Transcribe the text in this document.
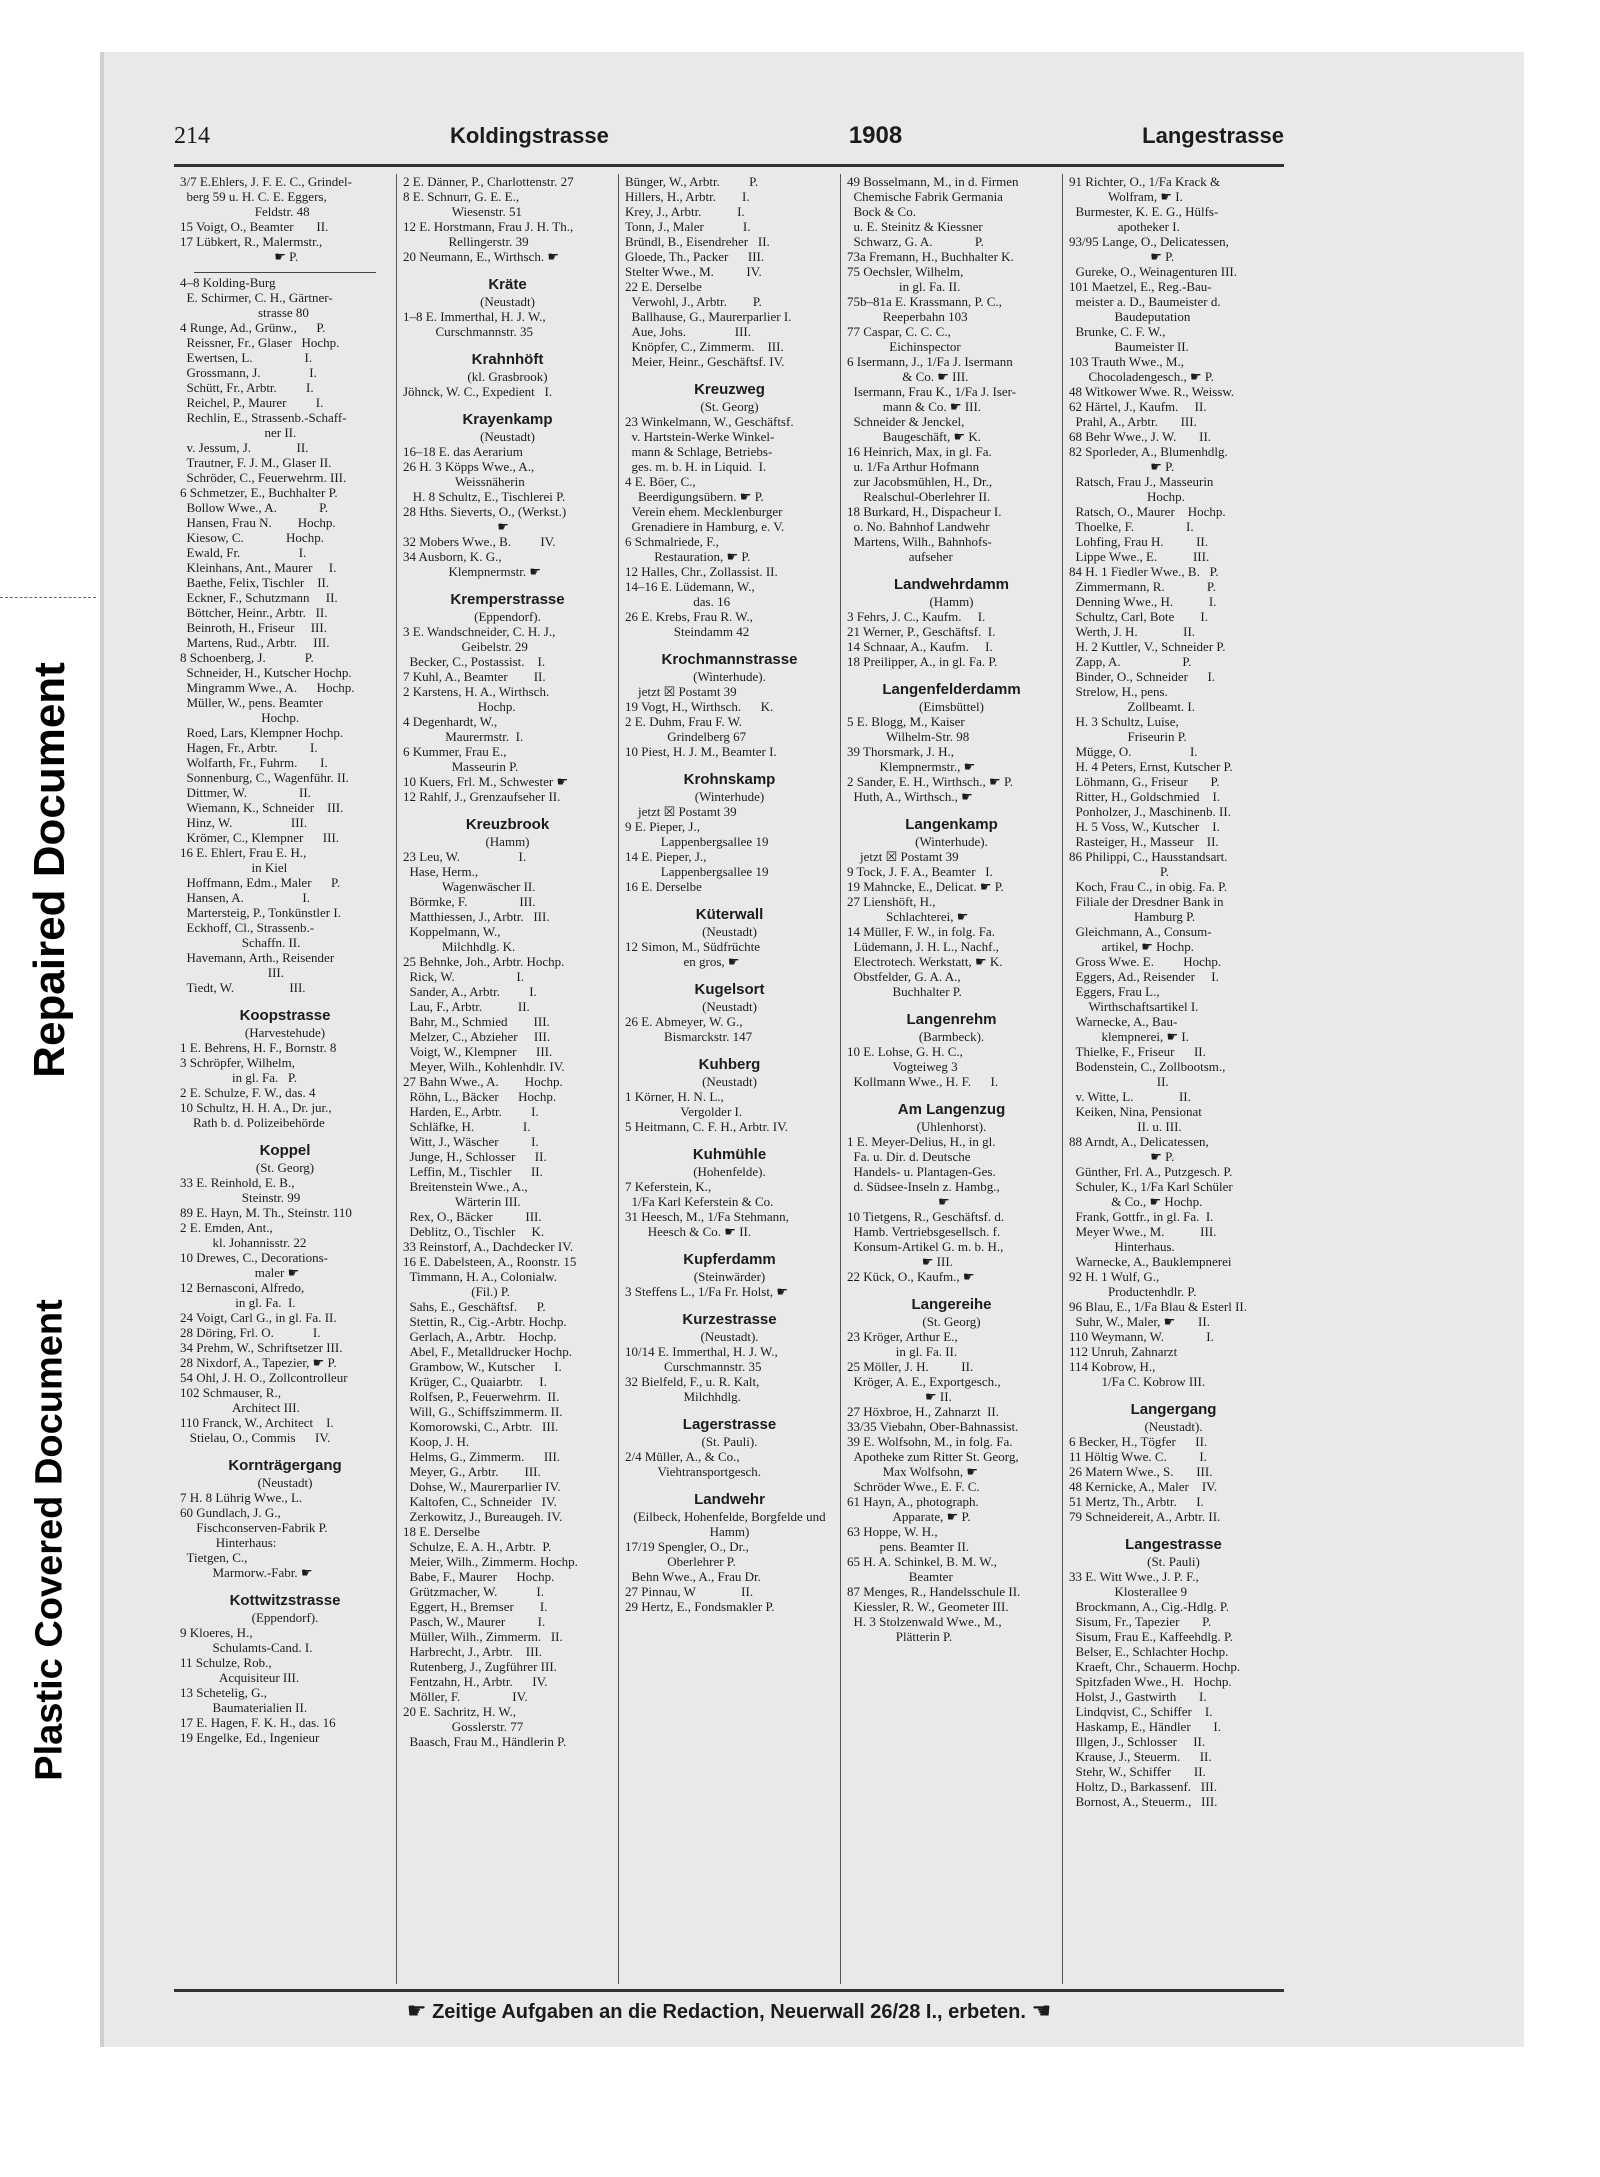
Repaired Document
Plastic Covered Document
214	Koldingstrasse	1908	Langestrasse
3/7 E.Ehlers, J. F. E. C., Grindel-
berg 59 u. H. C. E. Eggers,
Feldstr. 48
15 Voigt, O., Beamter       II.
17 Lübkert, R., Malermstr.,
☛ P.
4–8 Kolding-Burg
E. Schirmer, C. H., Gärtner-
strasse 80
4 Runge, Ad., Grünw.,      P.
Reissner, Fr., Glaser   Hochp.
Ewertsen, L.                I.
Grossmann, J.               I.
Schütt, Fr., Arbtr.         I.
Reichel, P., Maurer         I.
Rechlin, E., Strassenb.-Schaff-
ner II.
v. Jessum, J.              II.
Trautner, F. J. M., Glaser II.
Schröder, C., Feuerwehrm. III.
6 Schmetzer, E., Buchhalter P.
Bollow Wwe., A.             P.
Hansen, Frau N.        Hochp.
Kiesow, C.             Hochp.
Ewald, Fr.                  I.
Kleinhans, Ant., Maurer     I.
Baethe, Felix, Tischler    II.
Eckner, F., Schutzmann     II.
Böttcher, Heinr., Arbtr.   II.
Beinroth, H., Friseur     III.
Martens, Rud., Arbtr.     III.
8 Schoenberg, J.            P.
Schneider, H., Kutscher Hochp.
Mingramm Wwe., A.      Hochp.
Müller, W., pens. Beamter
Hochp.
Roed, Lars, Klempner Hochp.
Hagen, Fr., Arbtr.          I.
Wolfarth, Fr., Fuhrm.       I.
Sonnenburg, C., Wagenführ. II.
Dittmer, W.                II.
Wiemann, K., Schneider    III.
Hinz, W.                  III.
Krömer, C., Klempner      III.
16 E. Ehlert, Frau E. H.,
in Kiel
Hoffmann, Edm., Maler      P.
Hansen, A.                  I.
Martersteig, P., Tonkünstler I.
Eckhoff, Cl., Strassenb.-
Schaffn. II.
Havemann, Arth., Reisender
III.
Tiedt, W.                 III.
Koopstrasse
(Harvestehude)
1 E. Behrens, H. F., Bornstr. 8
3 Schröpfer, Wilhelm,
in gl. Fa.   P.
2 E. Schulze, F. W., das. 4
10 Schultz, H. H. A., Dr. jur.,
Rath b. d. Polizeibehörde
Koppel
(St. Georg)
33 E. Reinhold, E. B.,
Steinstr. 99
89 E. Hayn, M. Th., Steinstr. 110
2 E. Emden, Ant.,
kl. Johannisstr. 22
10 Drewes, C., Decorations-
maler ☛
12 Bernasconi, Alfredo,
in gl. Fa.  I.
24 Voigt, Carl G., in gl. Fa. II.
28 Döring, Frl. O.            I.
34 Prehm, W., Schriftsetzer III.
28 Nixdorf, A., Tapezier, ☛ P.
54 Ohl, J. H. O., Zollcontrolleur
102 Schmauser, R.,
Architect III.
110 Franck, W., Architect    I.
Stielau, O., Commis      IV.
Kornträgergang
(Neustadt)
7 H. 8 Lührig Wwe., L.
60 Gundlach, J. G.,
Fischconserven-Fabrik P.
Hinterhaus:
Tietgen, C.,
Marmorw.-Fabr. ☛
Kottwitzstrasse
(Eppendorf).
9 Kloeres, H.,
Schulamts-Cand. I.
11 Schulze, Rob.,
Acquisiteur III.
13 Schetelig, G.,
Baumaterialien II.
17 E. Hagen, F. K. H., das. 16
19 Engelke, Ed., Ingenieur
2 E. Dänner, P., Charlottenstr. 27
8 E. Schnurr, G. E. E.,
Wiesenstr. 51
12 E. Horstmann, Frau J. H. Th.,
Rellingerstr. 39
20 Neumann, E., Wirthsch. ☛
Kräte
(Neustadt)
1–8 E. Immerthal, H. J. W.,
Curschmannstr. 35
Krahnhöft
(kl. Grasbrook)
Jöhnck, W. C., Expedient   I.
Krayenkamp
(Neustadt)
16–18 E. das Aerarium
26 H. 3 Köpps Wwe., A.,
Weissnäherin
H. 8 Schultz, E., Tischlerei P.
28 Hths. Sieverts, O., (Werkst.)
☛
32 Mobers Wwe., B.         IV.
34 Ausborn, K. G.,
Klempnermstr. ☛
Kremperstrasse
(Eppendorf).
3 E. Wandschneider, C. H. J.,
Geibelstr. 29
Becker, C., Postassist.    I.
7 Kuhl, A., Beamter        II.
2 Karstens, H. A., Wirthsch.
Hochp.
4 Degenhardt, W.,
Maurermstr.  I.
6 Kummer, Frau E.,
Masseurin P.
10 Kuers, Frl. M., Schwester ☛
12 Rahlf, J., Grenzaufseher II.
Kreuzbrook
(Hamm)
23 Leu, W.                  I.
Hase, Herm.,
Wagenwäscher II.
Börmke, F.                III.
Matthiessen, J., Arbtr.   III.
Koppelmann, W.,
Milchhdlg. K.
25 Behnke, Joh., Arbtr. Hochp.
Rick, W.                   I.
Sander, A., Arbtr.         I.
Lau, F., Arbtr.           II.
Bahr, M., Schmied        III.
Melzer, C., Abzieher     III.
Voigt, W., Klempner      III.
Meyer, Wilh., Kohlenhdlr. IV.
27 Bahn Wwe., A.        Hochp.
Röhn, L., Bäcker      Hochp.
Harden, E., Arbtr.         I.
Schläfke, H.               I.
Witt, J., Wäscher          I.
Junge, H., Schlosser      II.
Leffin, M., Tischler      II.
Breitenstein Wwe., A.,
Wärterin III.
Rex, O., Bäcker          III.
Deblitz, O., Tischler     K.
33 Reinstorf, A., Dachdecker IV.
16 E. Dabelsteen, A., Roonstr. 15
Timmann, H. A., Colonialw.
(Fil.) P.
Sahs, E., Geschäftsf.      P.
Stettin, R., Cig.-Arbtr. Hochp.
Gerlach, A., Arbtr.    Hochp.
Abel, F., Metalldrucker Hochp.
Grambow, W., Kutscher      I.
Krüger, C., Quaiarbtr.     I.
Rolfsen, P., Feuerwehrm.  II.
Will, G., Schiffszimmerm. II.
Komorowski, C., Arbtr.   III.
Koop, J. H.
Helms, G., Zimmerm.      III.
Meyer, G., Arbtr.        III.
Dohse, W., Maurerparlier IV.
Kaltofen, C., Schneider   IV.
Zerkowitz, J., Bureaugeh. IV.
18 E. Derselbe
Schulze, E. A. H., Arbtr.  P.
Meier, Wilh., Zimmerm. Hochp.
Babe, F., Maurer      Hochp.
Grützmacher, W.            I.
Eggert, H., Bremser        I.
Pasch, W., Maurer          I.
Müller, Wilh., Zimmerm.   II.
Harbrecht, J., Arbtr.    III.
Rutenberg, J., Zugführer III.
Fentzahn, H., Arbtr.      IV.
Möller, F.                IV.
20 E. Sachritz, H. W.,
Gosslerstr. 77
Baasch, Frau M., Händlerin P.
Bünger, W., Arbtr.         P.
Hillers, H., Arbtr.        I.
Krey, J., Arbtr.           I.
Tonn, J., Maler            I.
Bründl, B., Eisendreher   II.
Gloede, Th., Packer      III.
Stelter Wwe., M.          IV.
22 E. Derselbe
Verwohl, J., Arbtr.        P.
Ballhause, G., Maurerparlier I.
Aue, Johs.               III.
Knöpfer, C., Zimmerm.    III.
Meier, Heinr., Geschäftsf. IV.
Kreuzweg
(St. Georg)
23 Winkelmann, W., Geschäftsf.
v. Hartstein-Werke Winkel-
mann & Schlage, Betriebs-
ges. m. b. H. in Liquid.  I.
4 E. Böer, C.,
Beerdigungsübern. ☛ P.
Verein ehem. Mecklenburger
Grenadiere in Hamburg, e. V.
6 Schmalriede, F.,
Restauration, ☛ P.
12 Halles, Chr., Zollassist. II.
14–16 E. Lüdemann, W.,
das. 16
26 E. Krebs, Frau R. W.,
Steindamm 42
Krochmannstrasse
(Winterhude).
jetzt ☒ Postamt 39
19 Vogt, H., Wirthsch.      K.
2 E. Duhm, Frau F. W.
Grindelberg 67
10 Piest, H. J. M., Beamter I.
Krohnskamp
(Winterhude)
jetzt ☒ Postamt 39
9 E. Pieper, J.,
Lappenbergsallee 19
14 E. Pieper, J.,
Lappenbergsallee 19
16 E. Derselbe
Küterwall
(Neustadt)
12 Simon, M., Südfrüchte
en gros, ☛
Kugelsort
(Neustadt)
26 E. Abmeyer, W. G.,
Bismarckstr. 147
Kuhberg
(Neustadt)
1 Körner, H. N. L.,
Vergolder I.
5 Heitmann, C. F. H., Arbtr. IV.
Kuhmühle
(Hohenfelde).
7 Keferstein, K.,
1/Fa Karl Keferstein & Co.
31 Heesch, M., 1/Fa Stehmann,
Heesch & Co. ☛ II.
Kupferdamm
(Steinwärder)
3 Steffens L., 1/Fa Fr. Holst, ☛
Kurzestrasse
(Neustadt).
10/14 E. Immerthal, H. J. W.,
Curschmannstr. 35
32 Bielfeld, F., u. R. Kalt,
Milchhdlg.
Lagerstrasse
(St. Pauli).
2/4 Müller, A., & Co.,
Viehtransportgesch.
Landwehr
(Eilbeck, Hohenfelde, Borgfelde und Hamm)
17/19 Spengler, O., Dr.,
Oberlehrer P.
Behn Wwe., A., Frau Dr.
27 Pinnau, W              II.
29 Hertz, E., Fondsmakler P.
49 Bosselmann, M., in d. Firmen
Chemische Fabrik Germania
Bock & Co.
u. E. Steinitz & Kiessner
Schwarz, G. A.             P.
73a Fremann, H., Buchhalter K.
75 Oechsler, Wilhelm,
in gl. Fa. II.
75b–81a E. Krassmann, P. C.,
Reeperbahn 103
77 Caspar, C. C. C.,
Eichinspector
6 Isermann, J., 1/Fa J. Isermann
& Co. ☛ III.
Isermann, Frau K., 1/Fa J. Iser-
mann & Co. ☛ III.
Schneider & Jenckel,
Baugeschäft, ☛ K.
16 Heinrich, Max, in gl. Fa.
u. 1/Fa Arthur Hofmann
zur Jacobsmühlen, H., Dr.,
Realschul-Oberlehrer II.
18 Burkard, H., Dispacheur I.
o. No. Bahnhof Landwehr
Martens, Wilh., Bahnhofs-
aufseher
Landwehrdamm
(Hamm)
3 Fehrs, J. C., Kaufm.     I.
21 Werner, P., Geschäftsf.  I.
14 Schnaar, A., Kaufm.     I.
18 Preilipper, A., in gl. Fa. P.
Langenfelderdamm
(Eimsbüttel)
5 E. Blogg, M., Kaiser
Wilhelm-Str. 98
39 Thorsmark, J. H.,
Klempnermstr., ☛
2 Sander, E. H., Wirthsch., ☛ P.
Huth, A., Wirthsch., ☛
Langenkamp
(Winterhude).
jetzt ☒ Postamt 39
9 Tock, J. F. A., Beamter   I.
19 Mahncke, E., Delicat. ☛ P.
27 Lienshöft, H.,
Schlachterei, ☛
14 Müller, F. W., in folg. Fa.
Lüdemann, J. H. L., Nachf.,
Electrotech. Werkstatt, ☛ K.
Obstfelder, G. A. A.,
Buchhalter P.
Langenrehm
(Barmbeck).
10 E. Lohse, G. H. C.,
Vogteiweg 3
Kollmann Wwe., H. F.      I.
Am Langenzug
(Uhlenhorst).
1 E. Meyer-Delius, H., in gl.
Fa. u. Dir. d. Deutsche
Handels- u. Plantagen-Ges.
d. Südsee-Inseln z. Hambg.,
☛
10 Tietgens, R., Geschäftsf. d.
Hamb. Vertriebsgesellsch. f.
Konsum-Artikel G. m. b. H.,
☛ III.
22 Kück, O., Kaufm., ☛
Langereihe
(St. Georg)
23 Kröger, Arthur E.,
in gl. Fa. II.
25 Möller, J. H.          II.
Kröger, A. E., Exportgesch.,
☛ II.
27 Höxbroe, H., Zahnarzt  II.
33/35 Viebahn, Ober-Bahnassist.
39 E. Wolfsohn, M., in folg. Fa.
Apotheke zum Ritter St. Georg,
Max Wolfsohn, ☛
Schröder Wwe., E. F. C.
61 Hayn, A., photograph.
Apparate, ☛ P.
63 Hoppe, W. H.,
pens. Beamter II.
65 H. A. Schinkel, B. M. W.,
Beamter
87 Menges, R., Handelsschule II.
Kiessler, R. W., Geometer III.
H. 3 Stolzenwald Wwe., M.,
Plätterin P.
91 Richter, O., 1/Fa Krack &
Wolfram, ☛ I.
Burmester, K. E. G., Hülfs-
apotheker I.
93/95 Lange, O., Delicatessen,
☛ P.
Gureke, O., Weinagenturen III.
101 Maetzel, E., Reg.-Bau-
meister a. D., Baumeister d.
Baudeputation
Brunke, C. F. W.,
Baumeister II.
103 Trauth Wwe., M.,
Chocoladengesch., ☛ P.
48 Witkower Wwe. R., Weissw.
62 Härtel, J., Kaufm.     II.
Prahl, A., Arbtr.       III.
68 Behr Wwe., J. W.       II.
82 Sporleder, A., Blumenhdlg.
☛ P.
Ratsch, Frau J., Masseurin
Hochp.
Ratsch, O., Maurer    Hochp.
Thoelke, F.                I.
Lohfing, Frau H.          II.
Lippe Wwe., E.           III.
84 H. 1 Fiedler Wwe., B.   P.
Zimmermann, R.             P.
Denning Wwe., H.           I.
Schultz, Carl, Bote        I.
Werth, J. H.              II.
H. 2 Kuttler, V., Schneider P.
Zapp, A.                   P.
Binder, O., Schneider      I.
Strelow, H., pens.
Zollbeamt. I.
H. 3 Schultz, Luise,
Friseurin P.
Mügge, O.                  I.
H. 4 Peters, Ernst, Kutscher P.
Löhmann, G., Friseur       P.
Ritter, H., Goldschmied    I.
Ponholzer, J., Maschinenb. II.
H. 5 Voss, W., Kutscher    I.
Rasteiger, H., Masseur    II.
86 Philippi, C., Hausstandsart.
P.
Koch, Frau C., in obig. Fa. P.
Filiale der Dresdner Bank in
Hamburg P.
Gleichmann, A., Consum-
artikel, ☛ Hochp.
Gross Wwe. E.         Hochp.
Eggers, Ad., Reisender     I.
Eggers, Frau L.,
Wirthschaftsartikel I.
Warnecke, A., Bau-
klempnerei, ☛ I.
Thielke, F., Friseur      II.
Bodenstein, C., Zollbootsm.,
II.
v. Witte, L.              II.
Keiken, Nina, Pensionat
II. u. III.
88 Arndt, A., Delicatessen,
☛ P.
Günther, Frl. A., Putzgesch. P.
Schuler, K., 1/Fa Karl Schüler
& Co., ☛ Hochp.
Frank, Gottfr., in gl. Fa.  I.
Meyer Wwe., M.           III.
Hinterhaus.
Warnecke, A., Bauklempnerei
92 H. 1 Wulf, G.,
Productenhdlr. P.
96 Blau, E., 1/Fa Blau & Esterl II.
Suhr, W., Maler, ☛       II.
110 Weymann, W.             I.
112 Unruh, Zahnarzt
114 Kobrow, H.,
1/Fa C. Kobrow III.
Langergang
(Neustadt).
6 Becker, H., Tögfer      II.
11 Höltig Wwe. C.          I.
26 Matern Wwe., S.       III.
48 Kernicke, A., Maler    IV.
51 Mertz, Th., Arbtr.      I.
79 Schneidereit, A., Arbtr. II.
Langestrasse
(St. Pauli)
33 E. Witt Wwe., J. P. F.,
Klosterallee 9
Brockmann, A., Cig.-Hdlg. P.
Sisum, Fr., Tapezier       P.
Sisum, Frau E., Kaffeehdlg. P.
Belser, E., Schlachter Hochp.
Kraeft, Chr., Schauerm. Hochp.
Spitzfaden Wwe., H.   Hochp.
Holst, J., Gastwirth       I.
Lindqvist, C., Schiffer    I.
Haskamp, E., Händler       I.
Illgen, J., Schlosser     II.
Krause, J., Steuerm.      II.
Stehr, W., Schiffer       II.
Holtz, D., Barkassenf.   III.
Bornost, A., Steuerm.,   III.
☛ Zeitige Aufgaben an die Redaction, Neuerwall 26/28 I., erbeten. ☚
